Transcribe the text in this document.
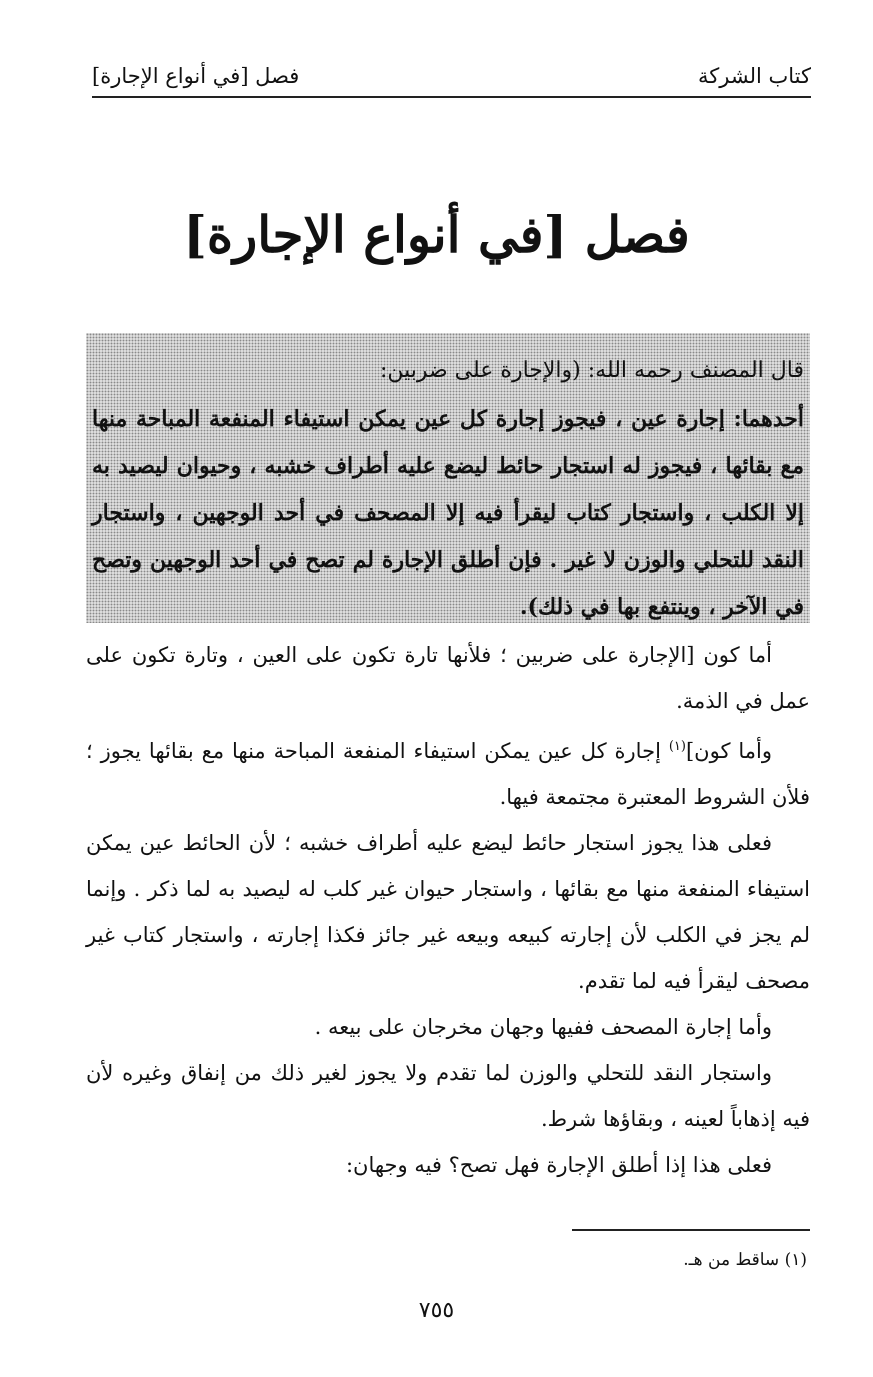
كتاب الشركة
فصل [في أنواع الإجارة]
فصل [في أنواع الإجارة]

قال المصنف رحمه الله: (والإجارة على ضربين:

أحدهما: إجارة عين ، فيجوز إجارة كل عين يمكن استيفاء المنفعة المباحة منها مع بقائها ، فيجوز له استجار حائط ليضع عليه أطراف خشبه ، وحيوان ليصيد به إلا الكلب ، واستجار كتاب ليقرأ فيه إلا المصحف في أحد الوجهين ، واستجار النقد للتحلي والوزن لا غير . فإن أطلق الإجارة لم تصح في أحد الوجهين وتصح في الآخر ، وينتفع بها في ذلك).

أما كون [الإجارة على ضربين ؛ فلأنها تارة تكون على العين ، وتارة تكون على عمل في الذمة.

وأما كون]$^{(١)}$ إجارة كل عين يمكن استيفاء المنفعة المباحة منها مع بقائها يجوز ؛ فلأن الشروط المعتبرة مجتمعة فيها.

فعلى هذا يجوز استجار حائط ليضع عليه أطراف خشبه ؛ لأن الحائط عين يمكن استيفاء المنفعة منها مع بقائها ، واستجار حيوان غير كلب له ليصيد به لما ذكر . وإنما لم يجز في الكلب لأن إجارته كبيعه وبيعه غير جائز فكذا إجارته ، واستجار كتاب غير مصحف ليقرأ فيه لما تقدم.

وأما إجارة المصحف ففيها وجهان مخرجان على بيعه .

واستجار النقد للتحلي والوزن لما تقدم ولا يجوز لغير ذلك من إنفاق وغيره لأن فيه إذهاباً لعينه ، وبقاؤها شرط.

فعلى هذا إذا أطلق الإجارة فهل تصح؟ فيه وجهان:

(١) ساقط من هـ.
٧٥٥
